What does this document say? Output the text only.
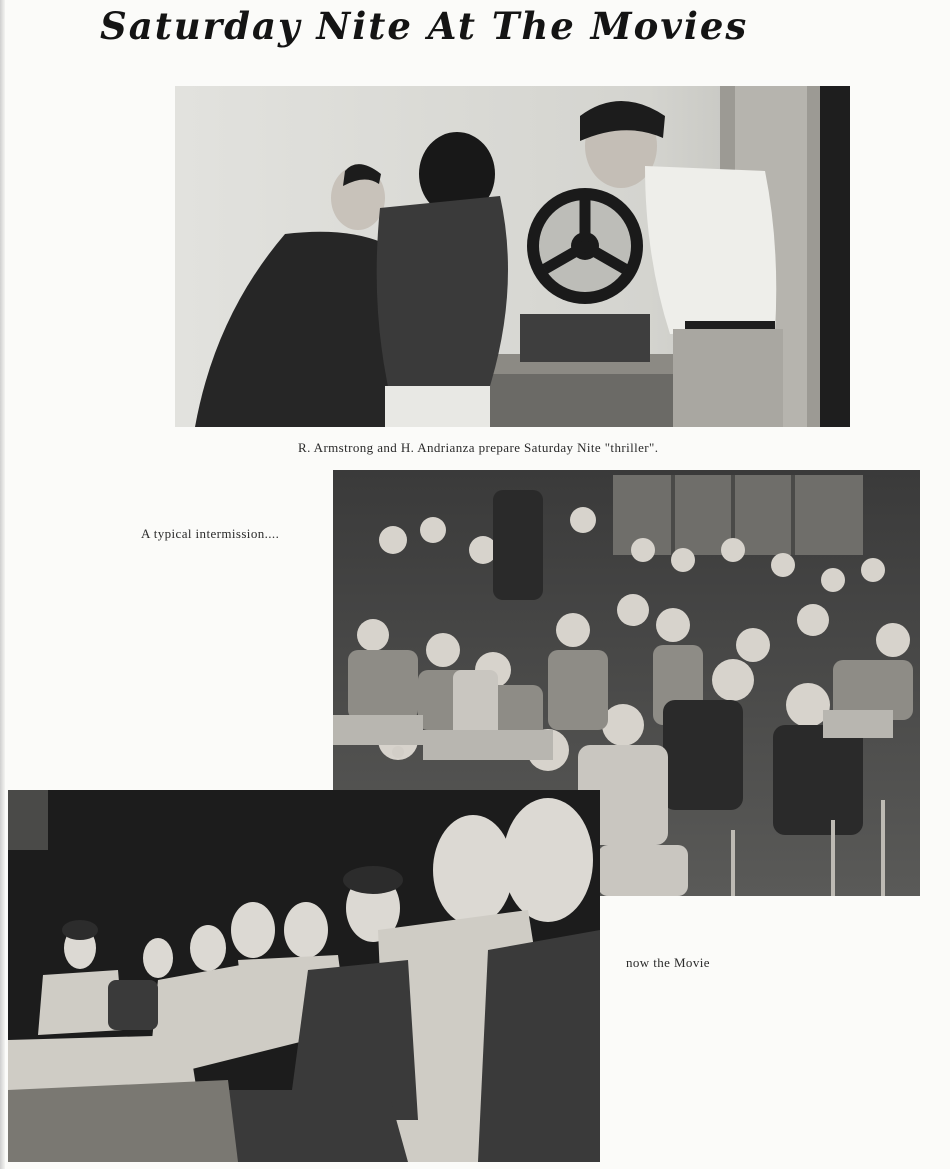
Saturday Nite At The Movies

R. Armstrong and H. Andrianza prepare Saturday Nite "thriller".

A typical intermission....

now the Movie
